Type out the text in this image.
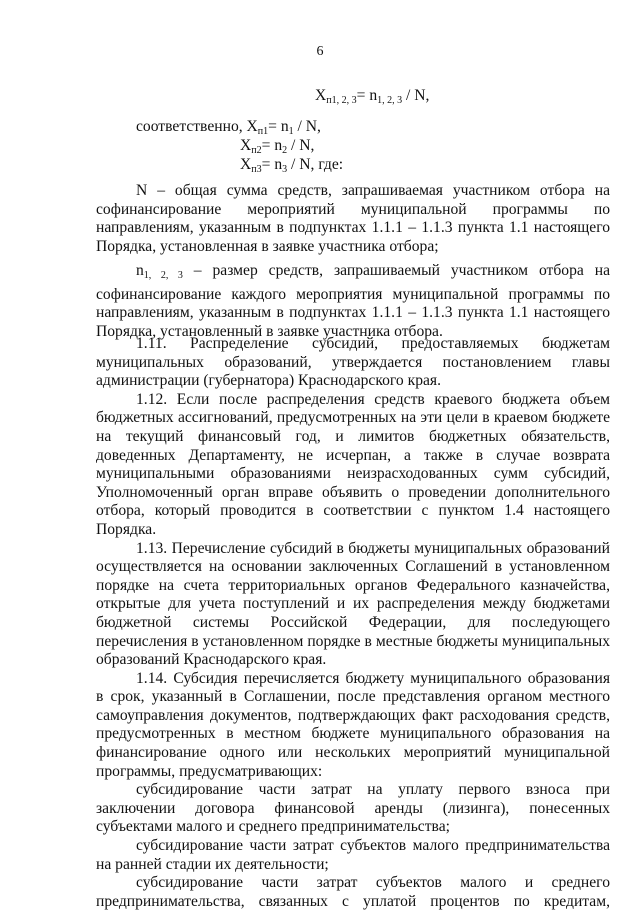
6
$X_{п1, 2, 3}= n_{1, 2, 3} / N$,
соответственно, $X_{п1}= n_1 / N$,
$X_{п2}= n_2 / N$,
$X_{п3}= n_3 / N$, где:

N – общая сумма средств, запрашиваемая участником отбора на софинансирование мероприятий муниципальной программы по направлениям, указанным в подпунктах 1.1.1 – 1.1.3 пункта 1.1 настоящего Порядка, установленная в заявке участника отбора;

$n_{1, 2, 3}$ – размер средств, запрашиваемый участником отбора на софинансирование каждого мероприятия муниципальной программы по направлениям, указанным в подпунктах 1.1.1 – 1.1.3 пункта 1.1 настоящего Порядка, установленный в заявке участника отбора.

1.11. Распределение субсидий, предоставляемых бюджетам муниципальных образований, утверждается постановлением главы администрации (губернатора) Краснодарского края.

1.12. Если после распределения средств краевого бюджета объем бюджетных ассигнований, предусмотренных на эти цели в краевом бюджете на текущий финансовый год, и лимитов бюджетных обязательств, доведенных Департаменту, не исчерпан, а также в случае возврата муниципальными образованиями неизрасходованных сумм субсидий, Уполномоченный орган вправе объявить о проведении дополнительного отбора, который проводится в соответствии с пунктом 1.4 настоящего Порядка.

1.13. Перечисление субсидий в бюджеты муниципальных образований осуществляется на основании заключенных Соглашений в установленном порядке на счета территориальных органов Федерального казначейства, открытые для учета поступлений и их распределения между бюджетами бюджетной системы Российской Федерации, для последующего перечисления в установленном порядке в местные бюджеты муниципальных образований Краснодарского края.

1.14. Субсидия перечисляется бюджету муниципального образования в срок, указанный в Соглашении, после представления органом местного самоуправления документов, подтверждающих факт расходования средств, предусмотренных в местном бюджете муниципального образования на финансирование одного или нескольких мероприятий муниципальной программы, предусматривающих:

субсидирование части затрат на уплату первого взноса при заключении договора финансовой аренды (лизинга), понесенных субъектами малого и среднего предпринимательства;

субсидирование части затрат субъектов малого предпринимательства на ранней стадии их деятельности;

субсидирование части затрат субъектов малого и среднего предпринимательства, связанных с уплатой процентов по кредитам,
